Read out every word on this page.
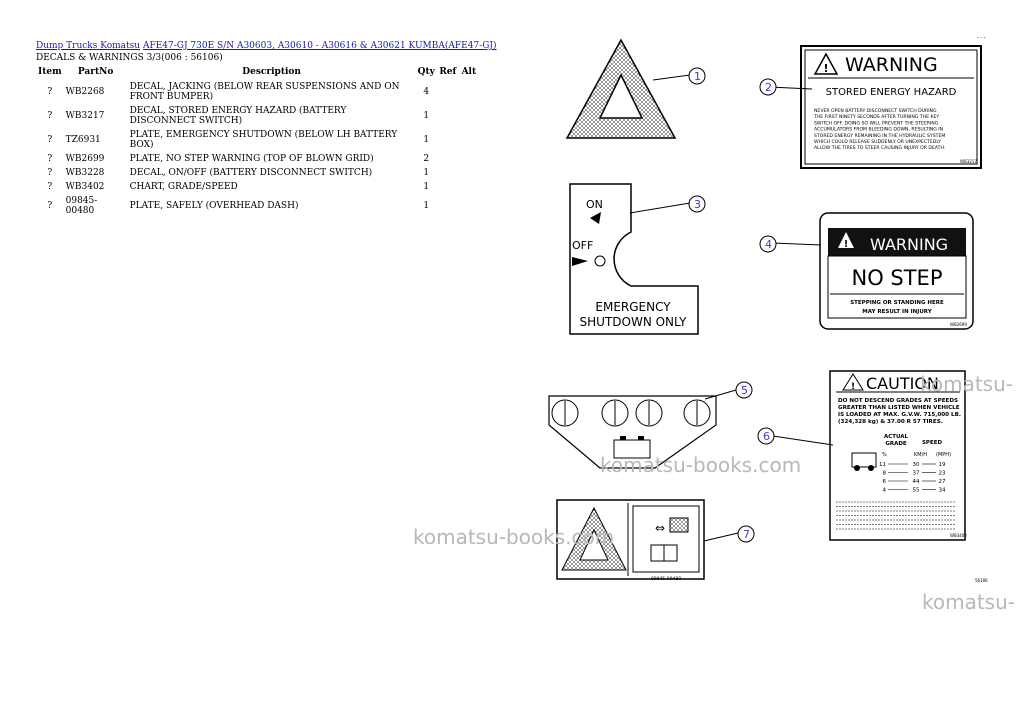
Dump Trucks Komatsu AFE47-GJ 730E S/N A30603, A30610 - A30616 & A30621 KUMBA(AFE47-GJ)
DECALS & WARNINGS 3/3(006 : 56106)
Item	PartNo	Description	Qty	Ref	Alt
?	WB2268	DECAL, JACKING (BELOW REAR SUSPENSIONS AND ON FRONT BUMPER)	4		
?	WB3217	DECAL, STORED ENERGY HAZARD (BATTERY DISCONNECT SWITCH)	1		
?	TZ6931	PLATE, EMERGENCY SHUTDOWN (BELOW LH BATTERY BOX)	1		
?	WB2699	PLATE, NO STEP WARNING (TOP OF BLOWN GRID)	2		
?	WB3228	DECAL, ON/OFF (BATTERY DISCONNECT SWITCH)	1		
?	WB3402	CHART, GRADE/SPEED	1		
?	09845-00480	PLATE, SAFELY (OVERHEAD DASH)	1		
- - -
! WARNING
STORED ENERGY HAZARD
NEVER OPEN BATTERY DISCONNECT SWITCH DURING
THE FIRST NINETY SECONDS AFTER TURNING THE KEY
SWITCH OFF. DOING SO WILL PREVENT THE STEERING
ACCUMULATORS FROM BLEEDING DOWN, RESULTING IN
STORED ENERGY REMAINING IN THE HYDRAULIC SYSTEM
WHICH COULD RELEASE SUDDENLY OR UNEXPECTEDLY
ALLOW THE TIRES TO STEER CAUSING INJURY OR DEATH.
WB3217
ON
OFF
EMERGENCY
SHUTDOWN ONLY
! WARNING
NO STEP
STEPPING OR STANDING HERE
MAY RESULT IN INJURY
WB2699
! CAUTION
DO NOT DESCEND GRADES AT SPEEDS
GREATER THAN LISTED WHEN VEHICLE
IS LOADED AT MAX. G.V.W. 715,000 LB.
(324,328 kg) & 37.00 R 57 TIRES.
ACTUAL
GRADE	SPEED
%	KM/H (MPH)
11	30	19
8	37	23
6	44	27
4	55	34
WB3402
⇔
09845-00480	56106
1
2
3
4
5
6
7
komatsu-
komatsu-books.com
komatsu-books.com
komatsu-
